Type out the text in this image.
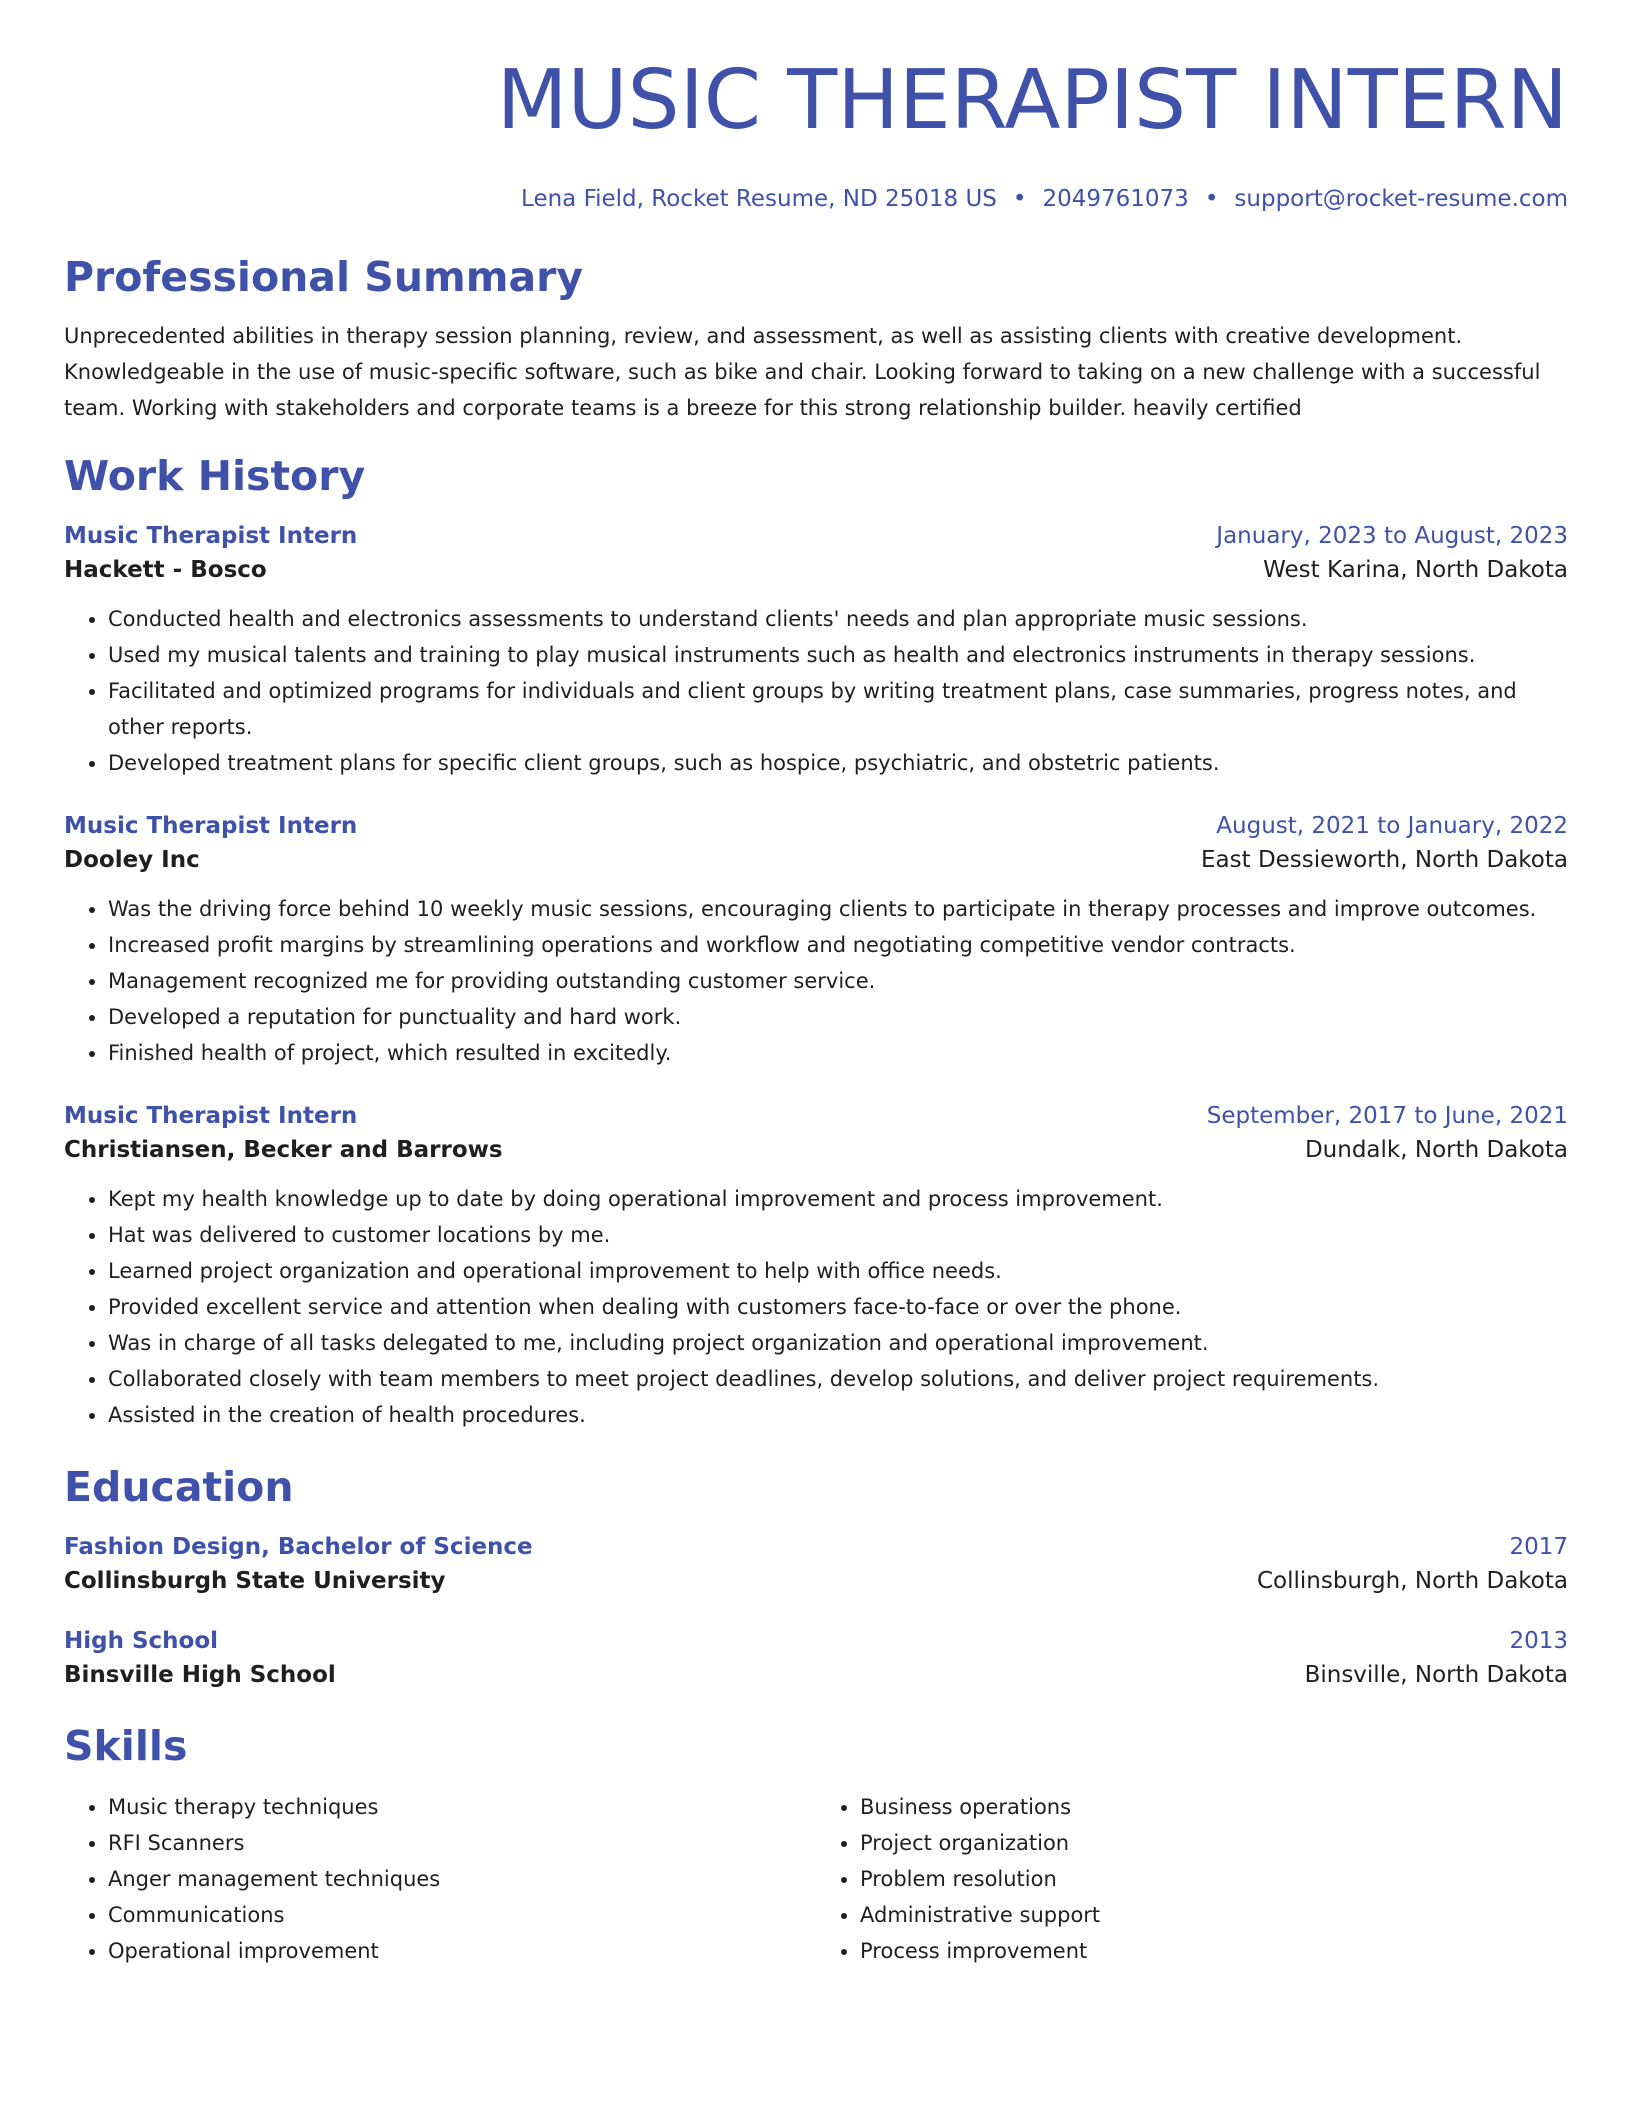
MUSIC THERAPIST INTERN
Lena Field, Rocket Resume, ND 25018 US • 2049761073 • support@rocket-resume.com
Professional Summary
Unprecedented abilities in therapy session planning, review, and assessment, as well as assisting clients with creative development. Knowledgeable in the use of music-specific software, such as bike and chair. Looking forward to taking on a new challenge with a successful team. Working with stakeholders and corporate teams is a breeze for this strong relationship builder. heavily certified
Work History
Music Therapist Intern	January, 2023 to August, 2023
Hackett - Bosco	West Karina, North Dakota
• Conducted health and electronics assessments to understand clients' needs and plan appropriate music sessions.
• Used my musical talents and training to play musical instruments such as health and electronics instruments in therapy sessions.
• Facilitated and optimized programs for individuals and client groups by writing treatment plans, case summaries, progress notes, and other reports.
• Developed treatment plans for specific client groups, such as hospice, psychiatric, and obstetric patients.
Music Therapist Intern	August, 2021 to January, 2022
Dooley Inc	East Dessieworth, North Dakota
• Was the driving force behind 10 weekly music sessions, encouraging clients to participate in therapy processes and improve outcomes.
• Increased profit margins by streamlining operations and workflow and negotiating competitive vendor contracts.
• Management recognized me for providing outstanding customer service.
• Developed a reputation for punctuality and hard work.
• Finished health of project, which resulted in excitedly.
Music Therapist Intern	September, 2017 to June, 2021
Christiansen, Becker and Barrows	Dundalk, North Dakota
• Kept my health knowledge up to date by doing operational improvement and process improvement.
• Hat was delivered to customer locations by me.
• Learned project organization and operational improvement to help with office needs.
• Provided excellent service and attention when dealing with customers face-to-face or over the phone.
• Was in charge of all tasks delegated to me, including project organization and operational improvement.
• Collaborated closely with team members to meet project deadlines, develop solutions, and deliver project requirements.
• Assisted in the creation of health procedures.
Education
Fashion Design, Bachelor of Science	2017
Collinsburgh State University	Collinsburgh, North Dakota
High School	2013
Binsville High School	Binsville, North Dakota
Skills
• Music therapy techniques
• RFI Scanners
• Anger management techniques
• Communications
• Operational improvement
• Business operations
• Project organization
• Problem resolution
• Administrative support
• Process improvement
